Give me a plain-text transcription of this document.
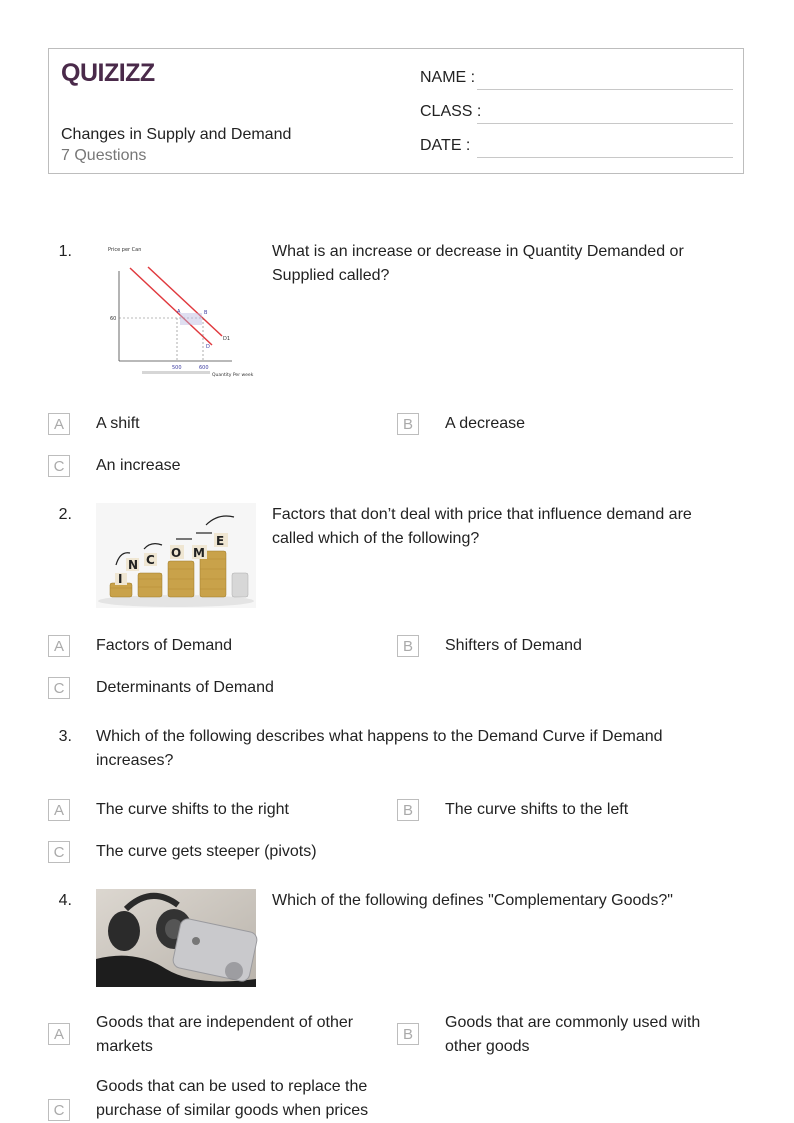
QUIZIZZ
Changes in Supply and Demand
7 Questions
NAME :
CLASS :
DATE :
1.	Price per Can
60
A	B
D
D1
500	600
Quantity Per week
What is an increase or decrease in Quantity Demanded or Supplied called?
A	A shift	B	A decrease
C	An increase
2.
I
N C O M
E
Factors that don’t deal with price that influence demand are called which of the following?
A	Factors of Demand	B	Shifters of Demand
C	Determinants of Demand
3. Which of the following describes what happens to the Demand Curve if Demand increases?
A	The curve shifts to the right	B	The curve shifts to the left
C	The curve gets steeper (pivots)
4.	Which of the following defines "Complementary Goods?"
A
Goods that are independent of other markets
B
Goods that are commonly used with other goods
C
Goods that can be used to replace the purchase of similar goods when prices
